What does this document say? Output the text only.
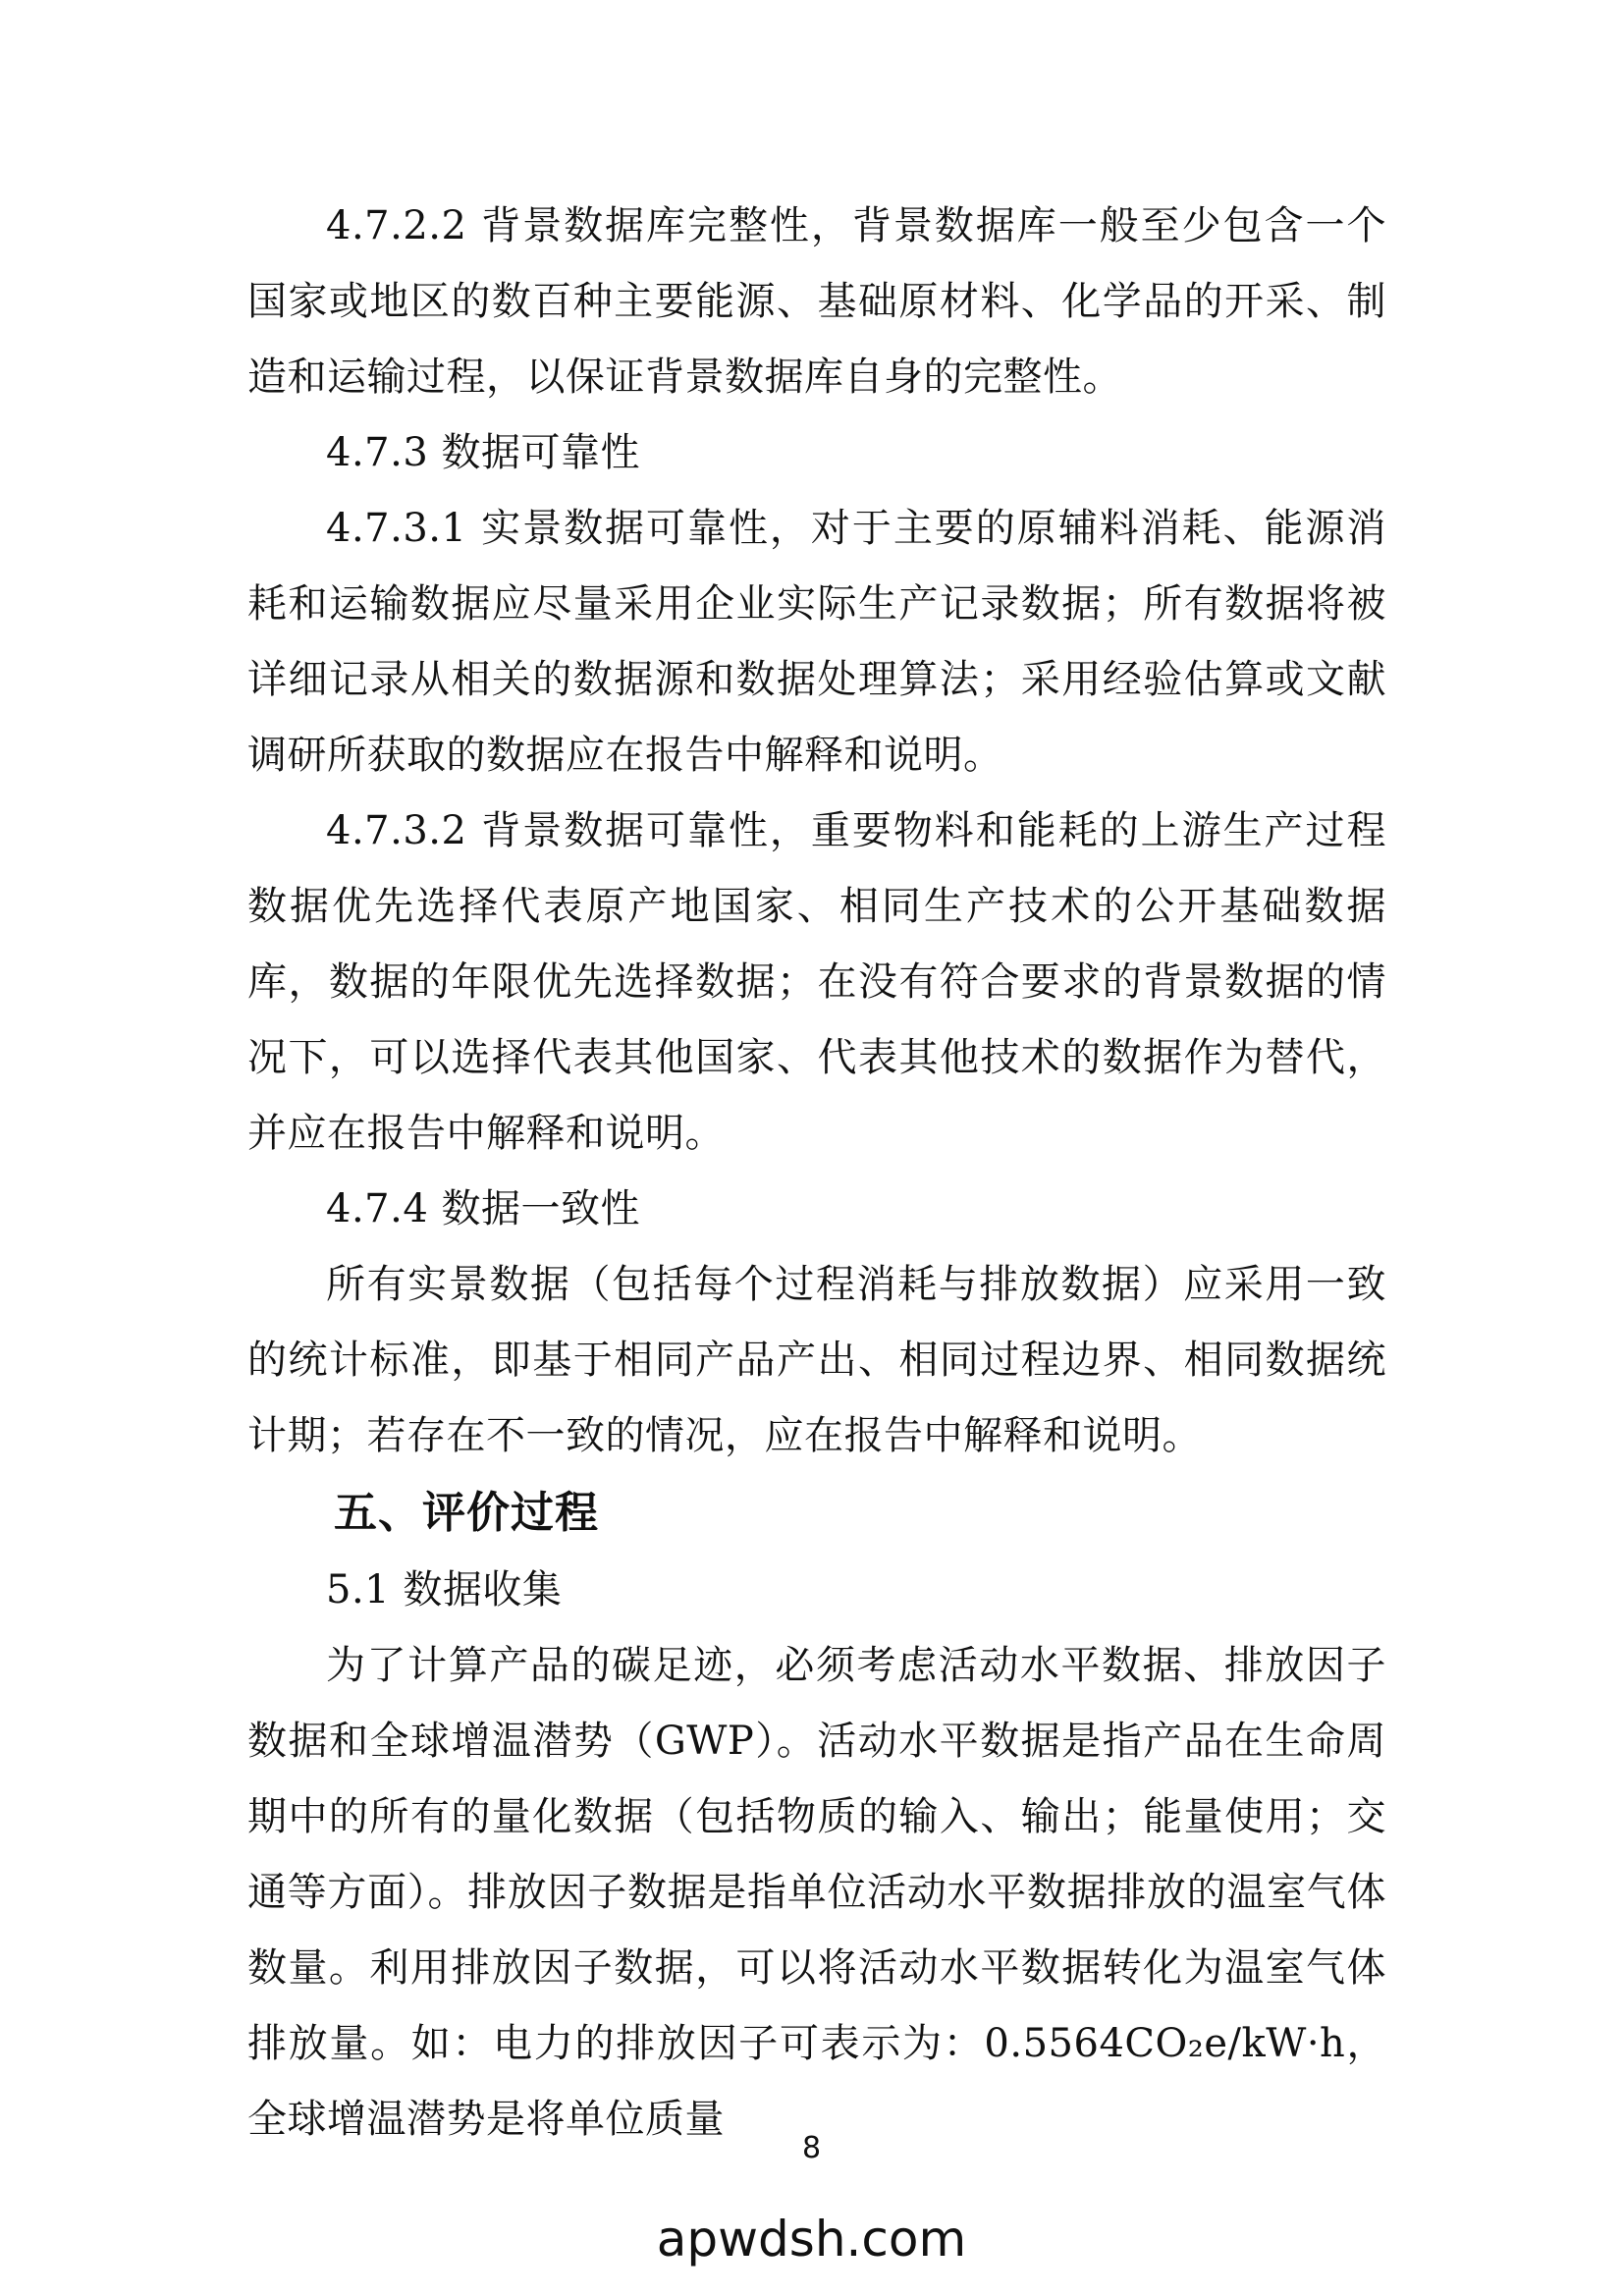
4.7.2.2 背景数据库完整性，背景数据库一般至少包含一个国家或地区的数百种主要能源、基础原材料、化学品的开采、制造和运输过程，以保证背景数据库自身的完整性。

4.7.3 数据可靠性

4.7.3.1 实景数据可靠性，对于主要的原辅料消耗、能源消耗和运输数据应尽量采用企业实际生产记录数据；所有数据将被详细记录从相关的数据源和数据处理算法；采用经验估算或文献调研所获取的数据应在报告中解释和说明。

4.7.3.2 背景数据可靠性，重要物料和能耗的上游生产过程数据优先选择代表原产地国家、相同生产技术的公开基础数据库，数据的年限优先选择数据；在没有符合要求的背景数据的情况下，可以选择代表其他国家、代表其他技术的数据作为替代，并应在报告中解释和说明。

4.7.4 数据一致性

所有实景数据（包括每个过程消耗与排放数据）应采用一致的统计标准，即基于相同产品产出、相同过程边界、相同数据统计期；若存在不一致的情况，应在报告中解释和说明。

五、评价过程

5.1 数据收集

为了计算产品的碳足迹，必须考虑活动水平数据、排放因子数据和全球增温潜势（GWP）。活动水平数据是指产品在生命周期中的所有的量化数据（包括物质的输入、输出；能量使用；交通等方面）。排放因子数据是指单位活动水平数据排放的温室气体数量。利用排放因子数据，可以将活动水平数据转化为温室气体排放量。如：电力的排放因子可表示为：0.5564CO₂e/kW·h，全球增温潜势是将单位质量

8
apwdsh.com
